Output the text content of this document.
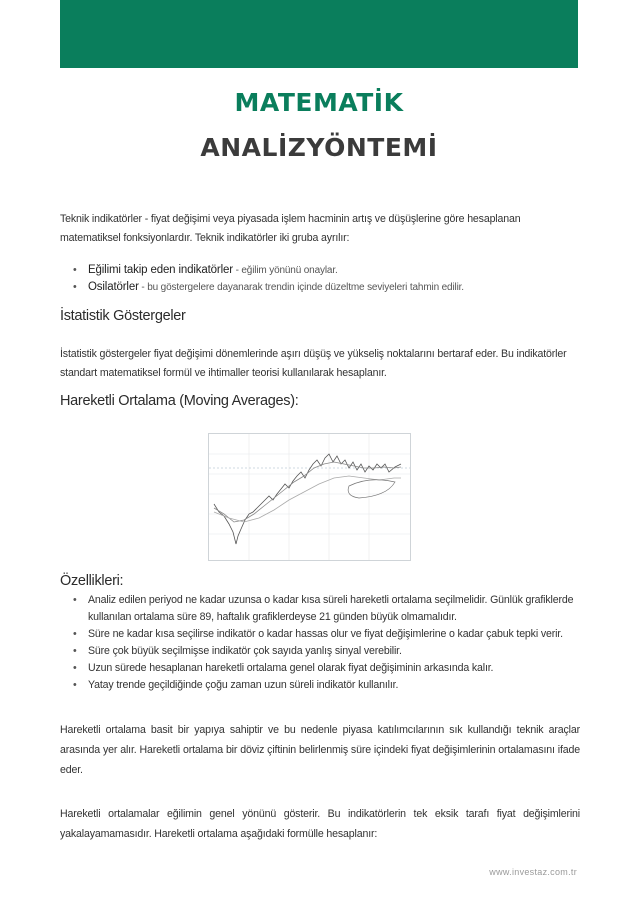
MATEMATİK
ANALİZYÖNTEMİ
Teknik indikatörler - fiyat değişimi veya piyasada işlem hacminin artış ve düşüşlerine göre hesaplanan matematiksel fonksiyonlardır. Teknik indikatörler iki gruba ayrılır:
• Eğilimi takip eden indikatörler - eğilim yönünü onaylar.
• Osilatörler - bu göstergelere dayanarak trendin içinde düzeltme seviyeleri tahmin edilir.
İstatistik Göstergeler
İstatistik göstergeler fiyat değişimi dönemlerinde aşırı düşüş ve yükseliş noktalarını bertaraf eder. Bu indikatörler standart matematiksel formül ve ihtimaller teorisi kullanılarak hesaplanır.
Hareketli Ortalama (Moving Averages):
Özellikleri:
• Analiz edilen periyod ne kadar uzunsa o kadar kısa süreli hareketli ortalama seçilmelidir. Günlük grafiklerde kullanılan ortalama süre 89, haftalık grafiklerdeyse 21 günden büyük olmamalıdır.
• Süre ne kadar kısa seçilirse indikatör o kadar hassas olur ve fiyat değişimlerine o kadar çabuk tepki verir.
• Süre çok büyük seçilmişse indikatör çok sayıda yanlış sinyal verebilir.
• Uzun sürede hesaplanan hareketli ortalama genel olarak fiyat değişiminin arkasında kalır.
• Yatay trende geçildiğinde çoğu zaman uzun süreli indikatör kullanılır.
Hareketli ortalama basit bir yapıya sahiptir ve bu nedenle piyasa katılımcılarının sık kullandığı teknik araçlar arasında yer alır. Hareketli ortalama bir döviz çiftinin belirlenmiş süre içindeki fiyat değişimlerinin ortalamasını ifade eder.
Hareketli ortalamalar eğilimin genel yönünü gösterir. Bu indikatörlerin tek eksik tarafı fiyat değişimlerini yakalayamamasıdır. Hareketli ortalama aşağıdaki formülle hesaplanır:
www.investaz.com.tr
